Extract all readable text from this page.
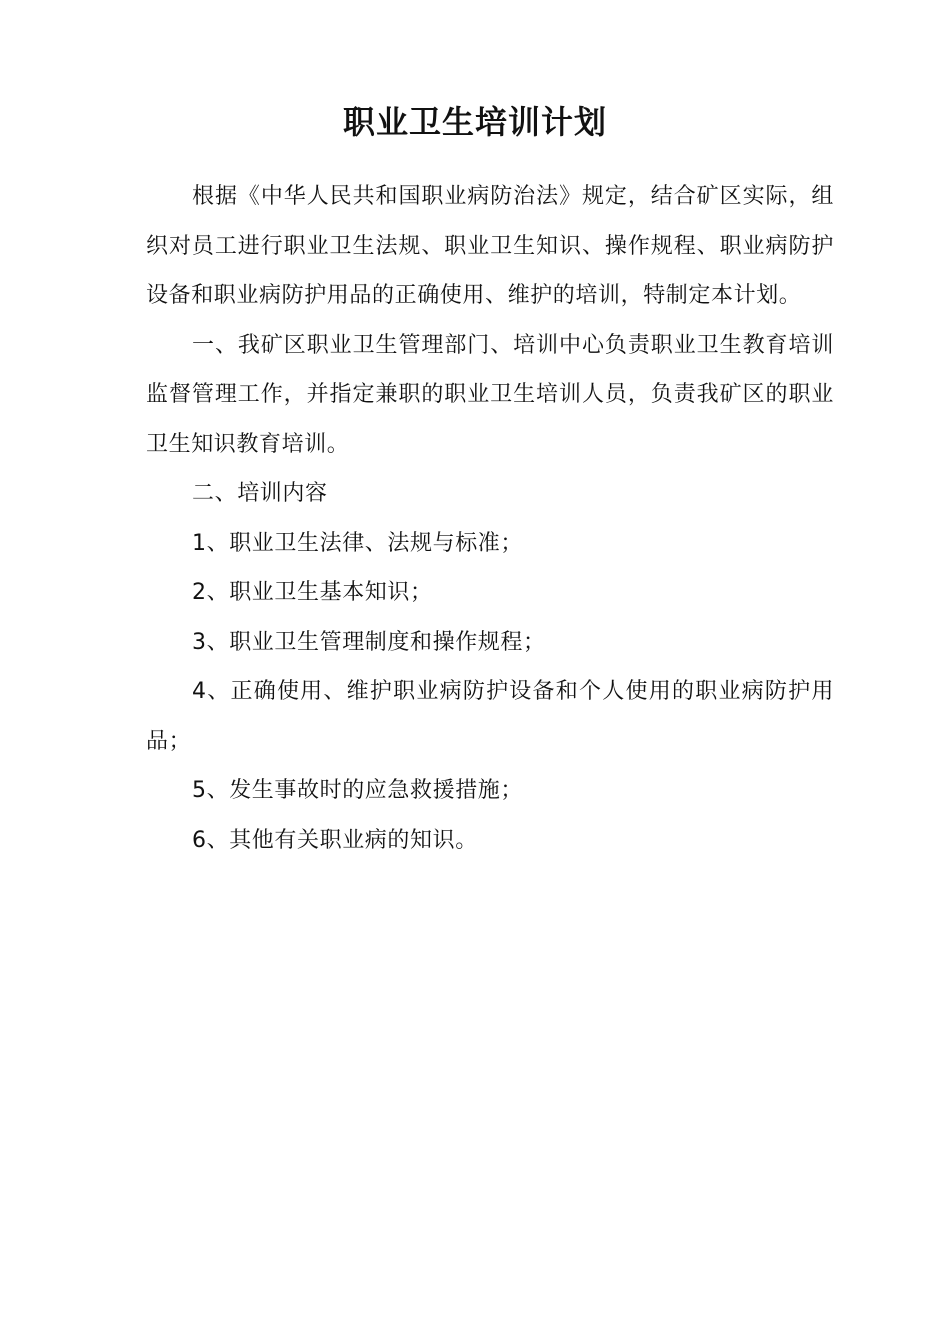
职业卫生培训计划

根据《中华人民共和国职业病防治法》规定，结合矿区实际，组织对员工进行职业卫生法规、职业卫生知识、操作规程、职业病防护设备和职业病防护用品的正确使用、维护的培训，特制定本计划。

一、我矿区职业卫生管理部门、培训中心负责职业卫生教育培训监督管理工作，并指定兼职的职业卫生培训人员，负责我矿区的职业卫生知识教育培训。

二、培训内容

1、职业卫生法律、法规与标准；

2、职业卫生基本知识；

3、职业卫生管理制度和操作规程；

4、正确使用、维护职业病防护设备和个人使用的职业病防护用品；

5、发生事故时的应急救援措施；

6、其他有关职业病的知识。
